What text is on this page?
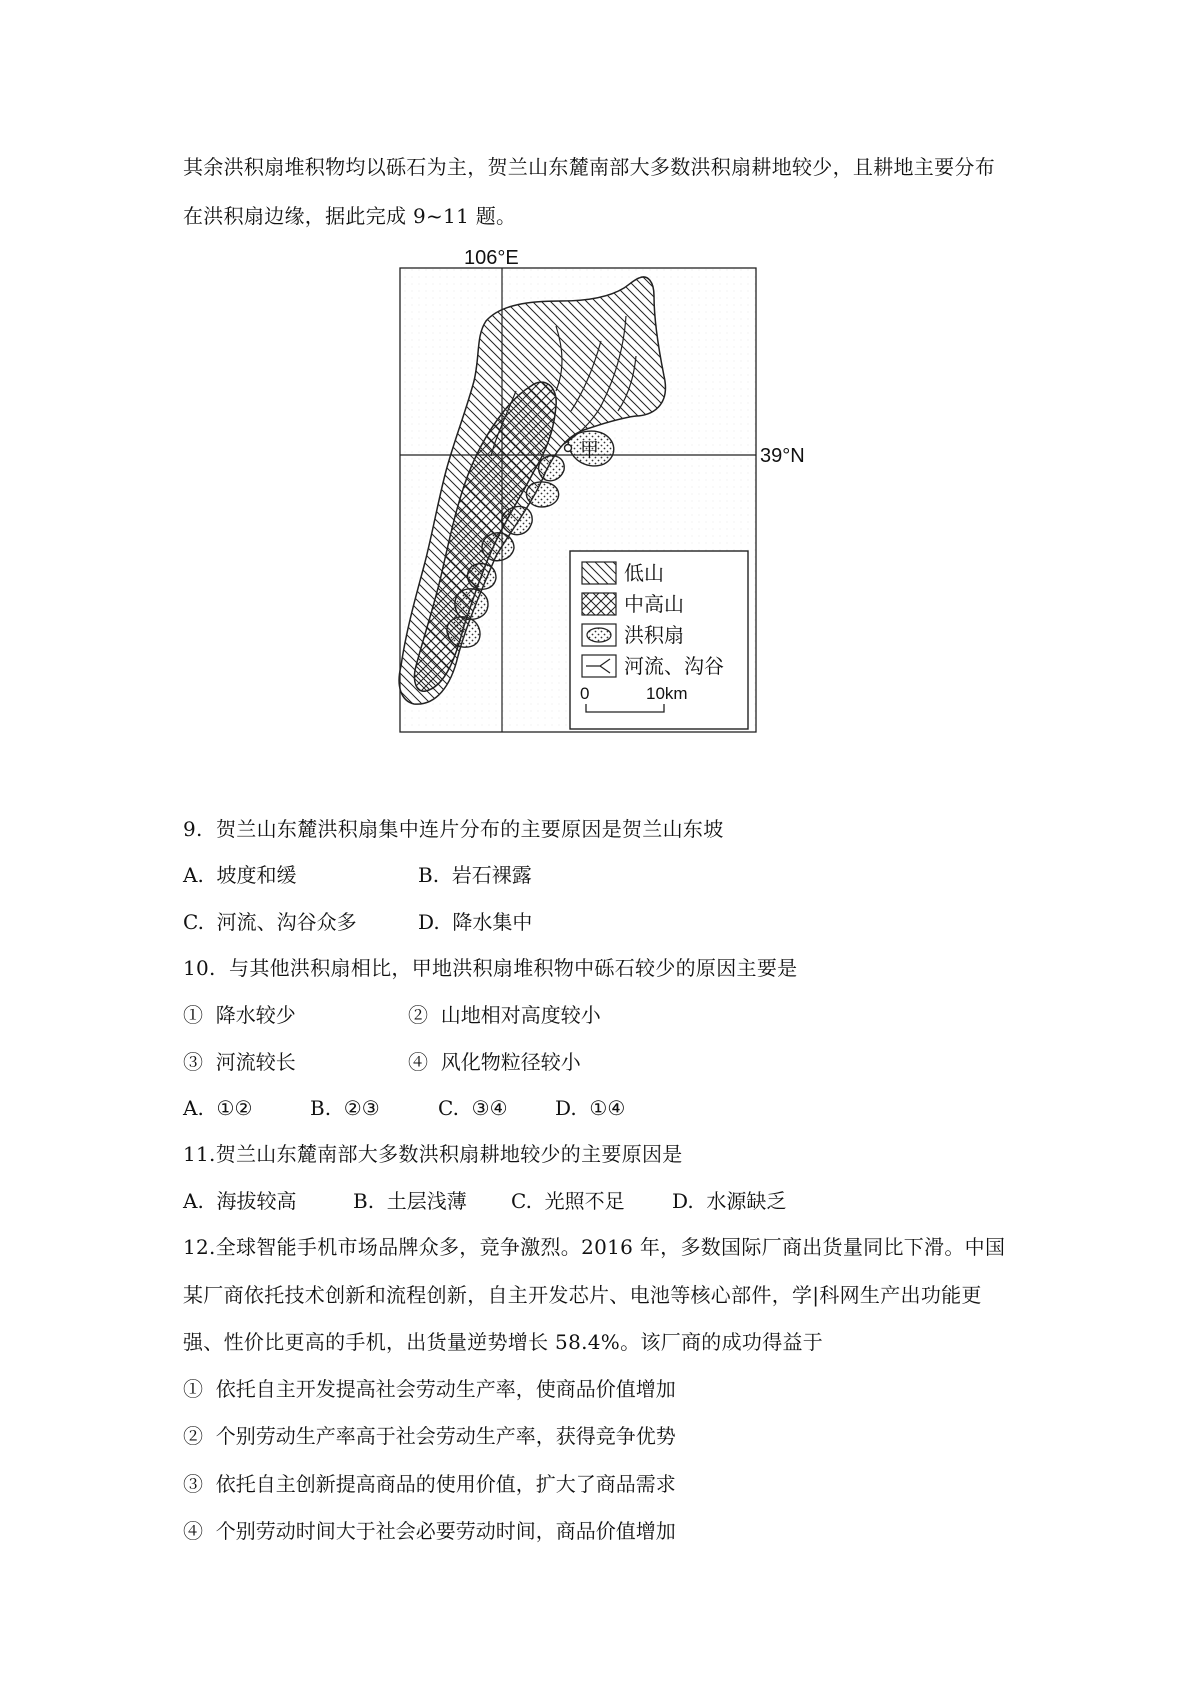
其余洪积扇堆积物均以砾石为主，贺兰山东麓南部大多数洪积扇耕地较少，且耕地主要分布
在洪积扇边缘，据此完成 9~11 题。
106°E
39°N
甲
低山
中高山
洪积扇
河流、沟谷
0	10km
9.  贺兰山东麓洪积扇集中连片分布的主要原因是贺兰山东坡
A.  坡度和缓	B.  岩石裸露
C.  河流、沟谷众多	D.  降水集中
10.  与其他洪积扇相比，甲地洪积扇堆积物中砾石较少的原因主要是
①  降水较少	②  山地相对高度较小
③  河流较长	④  风化物粒径较小
A.  ①②	B.  ②③	C.  ③④ D.  ①④
11.贺兰山东麓南部大多数洪积扇耕地较少的主要原因是
A.  海拔较高	B.  土层浅薄 C.  光照不足 D.  水源缺乏
12.全球智能手机市场品牌众多，竞争激烈。2016 年，多数国际厂商出货量同比下滑。中国
某厂商依托技术创新和流程创新，自主开发芯片、电池等核心部件，学|科网生产出功能更
强、性价比更高的手机，出货量逆势增长 58.4%。该厂商的成功得益于
①  依托自主开发提高社会劳动生产率，使商品价值增加
②  个别劳动生产率高于社会劳动生产率，获得竞争优势
③  依托自主创新提高商品的使用价值，扩大了商品需求
④  个别劳动时间大于社会必要劳动时间，商品价值增加
